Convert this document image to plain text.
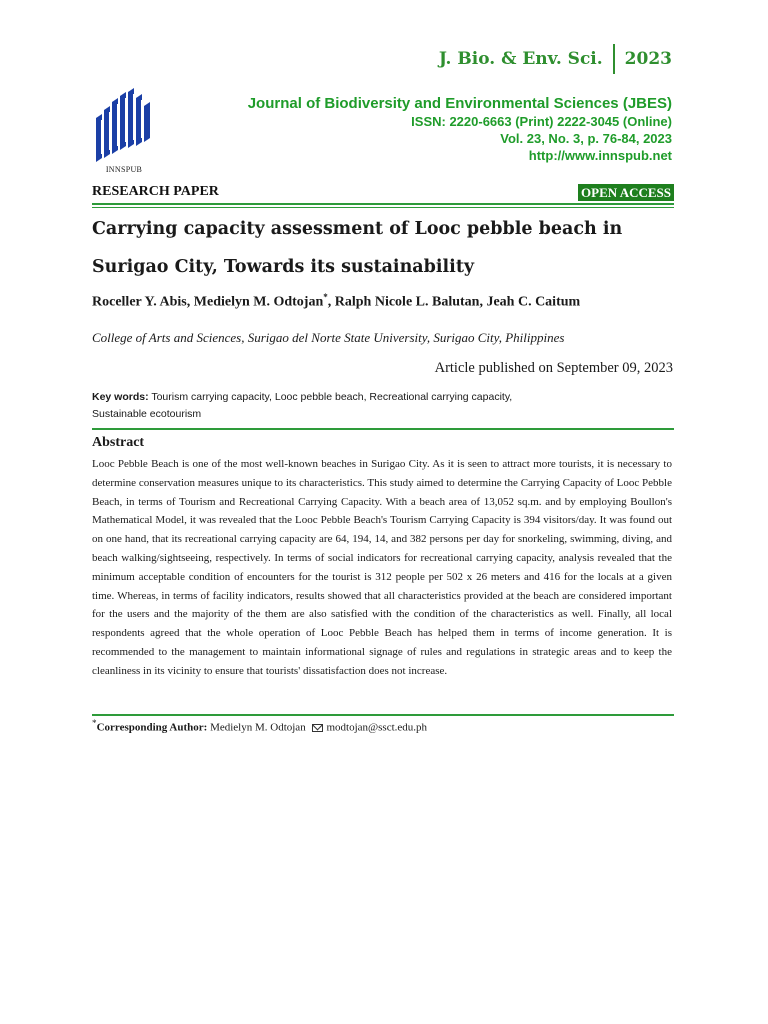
J. Bio. & Env. Sci. 2023
INNSPUB
Journal of Biodiversity and Environmental Sciences (JBES)
ISSN: 2220-6663 (Print) 2222-3045 (Online)
Vol. 23, No. 3, p. 76-84, 2023
http://www.innspub.net
RESEARCH PAPER	OPEN ACCESS
Carrying capacity assessment of Looc pebble beach in Surigao City, Towards its sustainability
Roceller Y. Abis, Medielyn M. Odtojan*, Ralph Nicole L. Balutan, Jeah C. Caitum
College of Arts and Sciences, Surigao del Norte State University, Surigao City, Philippines
Article published on September 09, 2023
Key words: Tourism carrying capacity, Looc pebble beach, Recreational carrying capacity,
Sustainable ecotourism
Abstract
Looc Pebble Beach is one of the most well-known beaches in Surigao City. As it is seen to attract more tourists, it is necessary to determine conservation measures unique to its characteristics. This study aimed to determine the Carrying Capacity of Looc Pebble Beach, in terms of Tourism and Recreational Carrying Capacity. With a beach area of 13,052 sq.m. and by employing Boullon's Mathematical Model, it was revealed that the Looc Pebble Beach's Tourism Carrying Capacity is 394 visitors/day. It was found out on one hand, that its recreational carrying capacity are 64, 194, 14, and 382 persons per day for snorkeling, swimming, diving, and beach walking/sightseeing, respectively. In terms of social indicators for recreational carrying capacity, analysis revealed that the minimum acceptable condition of encounters for the tourist is 312 people per 502 x 26 meters and 416 for the locals at a given time. Whereas, in terms of facility indicators, results showed that all characteristics provided at the beach are considered important for the users and the majority of the them are also satisfied with the condition of the characteristics as well. Finally, all local respondents agreed that the whole operation of Looc Pebble Beach has helped them in terms of income generation. It is recommended to the management to maintain informational signage of rules and regulations in strategic areas and to keep the cleanliness in its vicinity to ensure that tourists' dissatisfaction does not increase.
*Corresponding Author: Medielyn M. Odtojan modtojan@ssct.edu.ph
